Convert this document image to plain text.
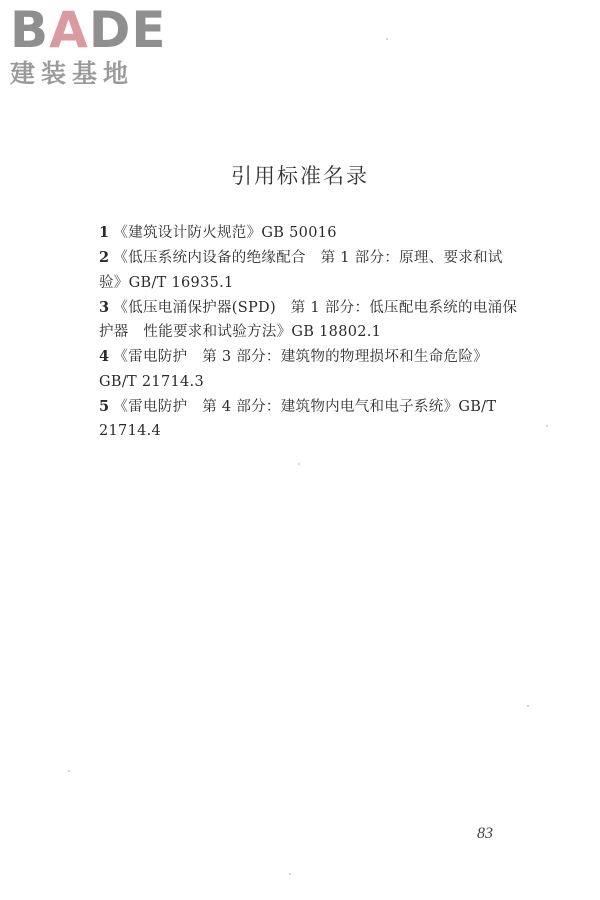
BADE
建装基地
引用标准名录
1 《建筑设计防火规范》GB 50016
2 《低压系统内设备的绝缘配合　第 1 部分：原理、要求和试验》GB/T 16935.1
3 《低压电涌保护器(SPD)　第 1 部分：低压配电系统的电涌保护器　性能要求和试验方法》GB 18802.1
4 《雷电防护　第 3 部分：建筑物的物理损坏和生命危险》GB/T 21714.3
5 《雷电防护　第 4 部分：建筑物内电气和电子系统》GB/T 21714.4
83
